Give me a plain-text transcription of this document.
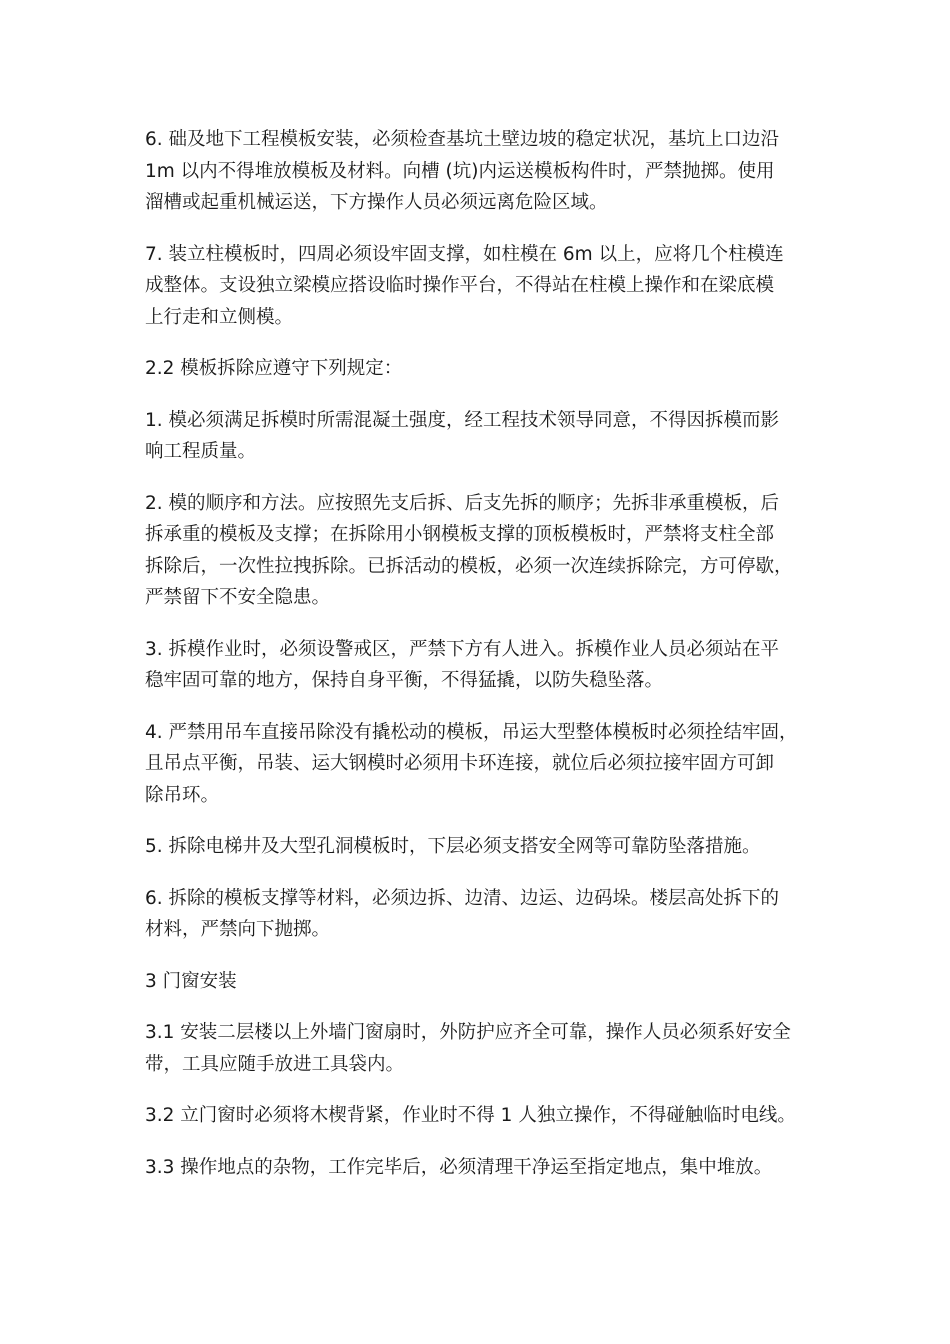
6. 础及地下工程模板安装，必须检查基坑土壁边坡的稳定状况，基坑上口边沿
1m 以内不得堆放模板及材料。向槽 (坑)内运送模板构件时，严禁抛掷。使用
溜槽或起重机械运送，下方操作人员必须远离危险区域。

7. 装立柱模板时，四周必须设牢固支撑，如柱模在 6m 以上，应将几个柱模连
成整体。支设独立梁模应搭设临时操作平台，不得站在柱模上操作和在梁底模
上行走和立侧模。

2.2 模板拆除应遵守下列规定：

1. 模必须满足拆模时所需混凝土强度，经工程技术领导同意，不得因拆模而影
响工程质量。

2. 模的顺序和方法。应按照先支后拆、后支先拆的顺序；先拆非承重模板，后
拆承重的模板及支撑；在拆除用小钢模板支撑的顶板模板时，严禁将支柱全部
拆除后，一次性拉拽拆除。已拆活动的模板，必须一次连续拆除完，方可停歇，
严禁留下不安全隐患。

3. 拆模作业时，必须设警戒区，严禁下方有人进入。拆模作业人员必须站在平
稳牢固可靠的地方，保持自身平衡，不得猛撬，以防失稳坠落。

4. 严禁用吊车直接吊除没有撬松动的模板，吊运大型整体模板时必须拴结牢固，
且吊点平衡，吊装、运大钢模时必须用卡环连接，就位后必须拉接牢固方可卸
除吊环。

5. 拆除电梯井及大型孔洞模板时，下层必须支搭安全网等可靠防坠落措施。

6. 拆除的模板支撑等材料，必须边拆、边清、边运、边码垛。楼层高处拆下的
材料，严禁向下抛掷。

3 门窗安装

3.1 安装二层楼以上外墙门窗扇时，外防护应齐全可靠，操作人员必须系好安全
带，工具应随手放进工具袋内。

3.2 立门窗时必须将木楔背紧，作业时不得 1 人独立操作，不得碰触临时电线。

3.3 操作地点的杂物，工作完毕后，必须清理干净运至指定地点，集中堆放。
